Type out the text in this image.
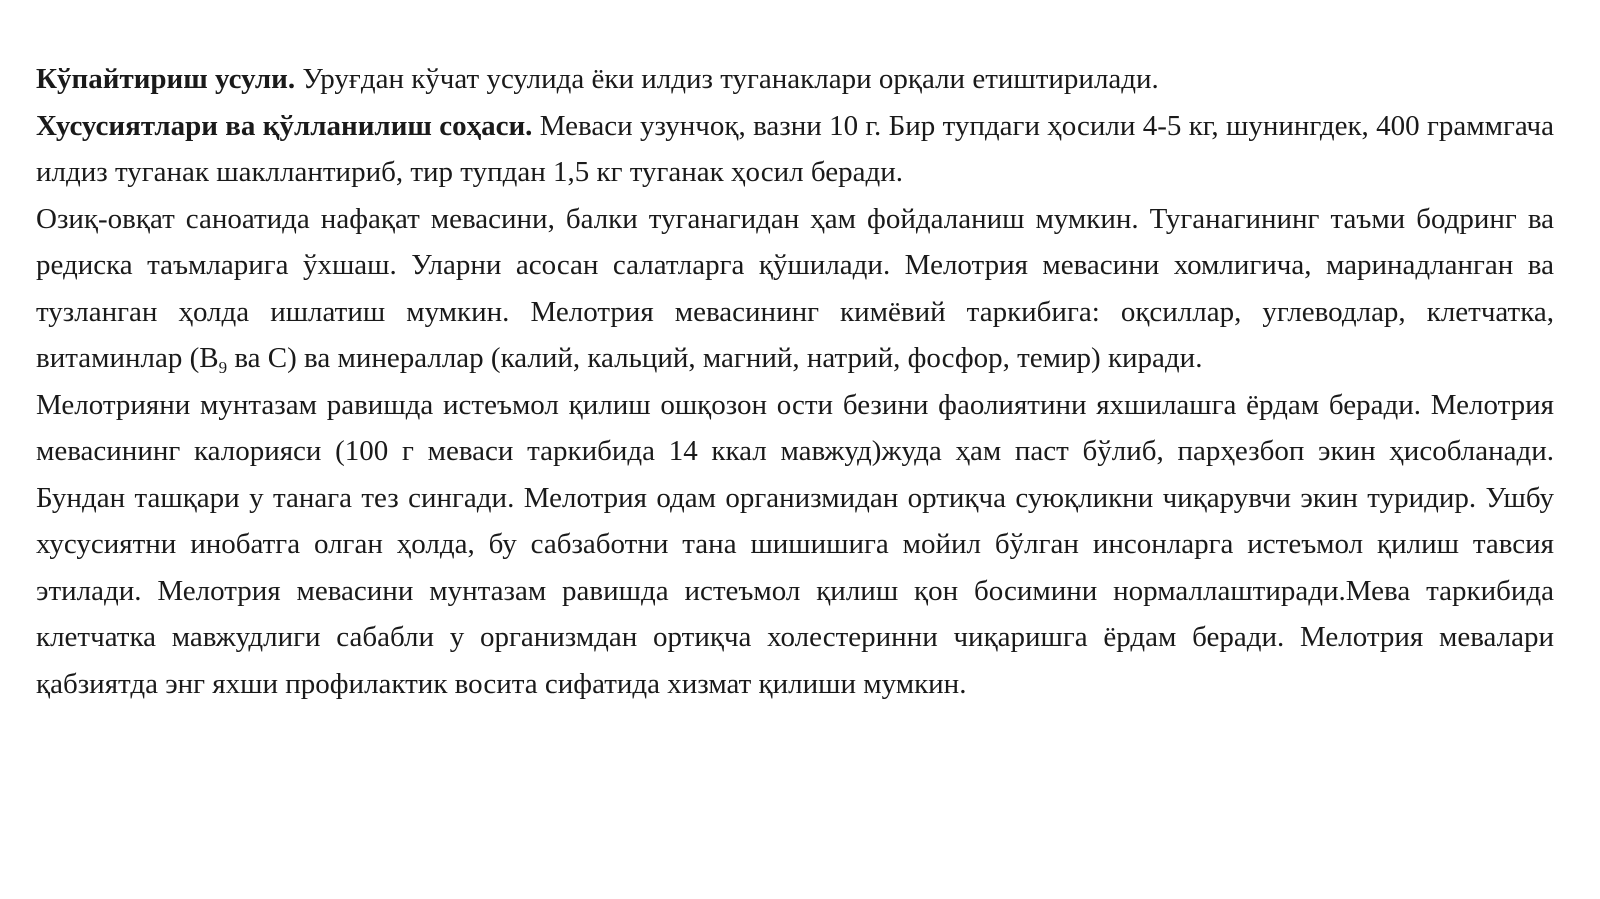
Кўпайтириш усули. Уруғдан кўчат усулида ёки илдиз туганаклари орқали етиштирилади.

Хусусиятлари ва қўлланилиш соҳаси. Меваси узунчоқ, вазни 10 г. Бир тупдаги ҳосили 4-5 кг, шунингдек, 400 граммгача илдиз туганак шакллантириб, тир тупдан 1,5 кг туганак ҳосил беради.

Озиқ-овқат саноатида нафақат мевасини, балки туганагидан ҳам фойдаланиш мумкин. Туганагининг таъми бодринг ва редиска таъмларига ўхшаш. Уларни асосан салатларга қўшилади. Мелотрия мевасини хомлигича, маринадланган ва тузланган ҳолда ишлатиш мумкин. Мелотрия мевасининг кимёвий таркибига: оқсиллар, углеводлар, клетчатка, витаминлар ($В_9$ ва С) ва минераллар (калий, кальций, магний, натрий, фосфор, темир) киради.

Мелотрияни мунтазам равишда истеъмол қилиш ошқозон ости безини фаолиятини яхшилашга ёрдам беради. Мелотрия мевасининг калорияси (100 г меваси таркибида 14 ккал мавжуд)жуда ҳам паст бўлиб, парҳезбоп экин ҳисобланади. Бундан ташқари у танага тез сингади. Мелотрия одам организмидан ортиқча суюқликни чиқарувчи экин туридир. Ушбу хусусиятни инобатга олган ҳолда, бу сабзаботни тана шишишига мойил бўлган инсонларга истеъмол қилиш тавсия этилади. Мелотрия мевасини мунтазам равишда истеъмол қилиш қон босимини нормаллаштиради.Мева таркибида клетчатка мавжудлиги сабабли у организмдан ортиқча холестеринни чиқаришга ёрдам беради. Мелотрия мевалари қабзиятда энг яхши профилактик восита сифатида хизмат қилиши мумкин.
